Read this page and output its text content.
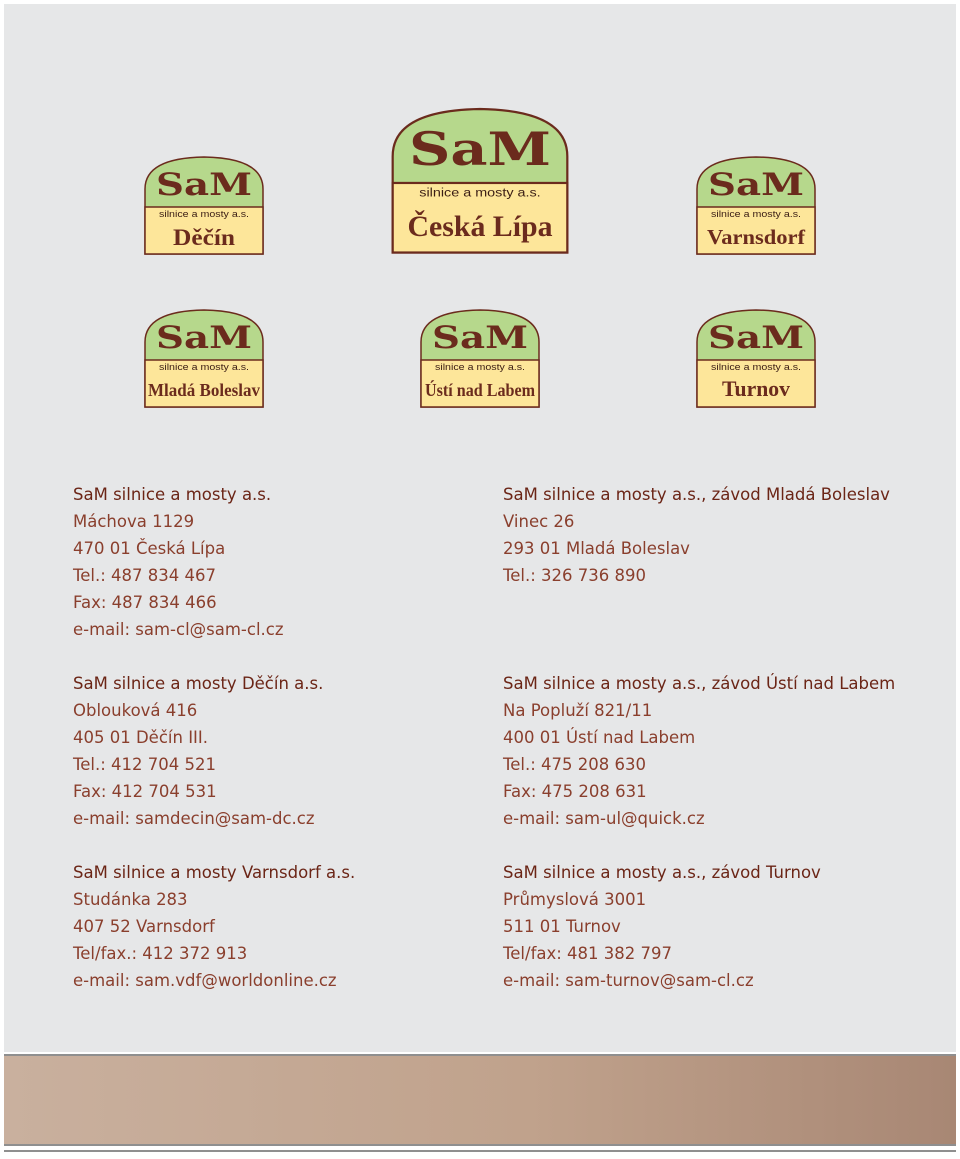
SaM
silnice a mosty a.s.
Česká Lípa
SaM
silnice a mosty a.s.
Děčín
SaM
silnice a mosty a.s.
Varnsdorf
SaM
silnice a mosty a.s.
Mladá Boleslav
SaM
silnice a mosty a.s.
Ústí nad Labem
SaM
silnice a mosty a.s.
Turnov
SaM silnice a mosty a.s.
Máchova 1129
470 01 Česká Lípa
Tel.: 487 834 467
Fax: 487 834 466
e-mail: sam-cl@sam-cl.cz
SaM silnice a mosty a.s., závod Mladá Boleslav
Vinec 26
293 01 Mladá Boleslav
Tel.: 326 736 890
SaM silnice a mosty Děčín a.s.
Oblouková 416
405 01 Děčín III.
Tel.: 412 704 521
Fax: 412 704 531
e-mail: samdecin@sam-dc.cz
SaM silnice a mosty a.s., závod Ústí nad Labem
Na Popluží 821/11
400 01 Ústí nad Labem
Tel.: 475 208 630
Fax: 475 208 631
e-mail: sam-ul@quick.cz
SaM silnice a mosty Varnsdorf a.s.
Studánka 283
407 52 Varnsdorf
Tel/fax.: 412 372 913
e-mail: sam.vdf@worldonline.cz
SaM silnice a mosty a.s., závod Turnov
Průmyslová 3001
511 01 Turnov
Tel/fax: 481 382 797
e-mail: sam-turnov@sam-cl.cz
